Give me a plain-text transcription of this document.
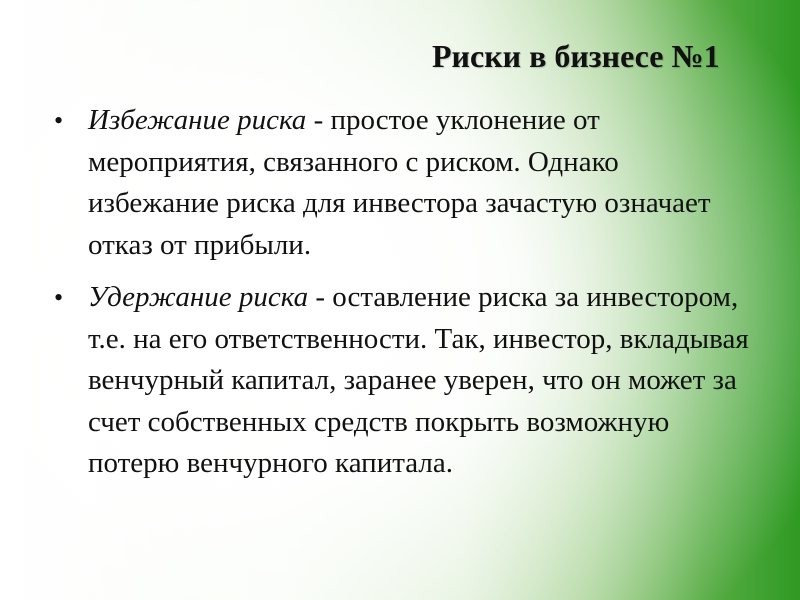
Риски в бизнесе №1
• Избежание риска - простое уклонение от мероприятия, связанного с риском. Однако избежание риска для инвестора зачастую означает отказ от прибыли.
• Удержание риска - оставление риска за инвестором, т.е. на его ответственности. Так, инвестор, вкладывая венчурный капитал, заранее уверен, что он может за счет собственных средств покрыть возможную потерю венчурного капитала.
